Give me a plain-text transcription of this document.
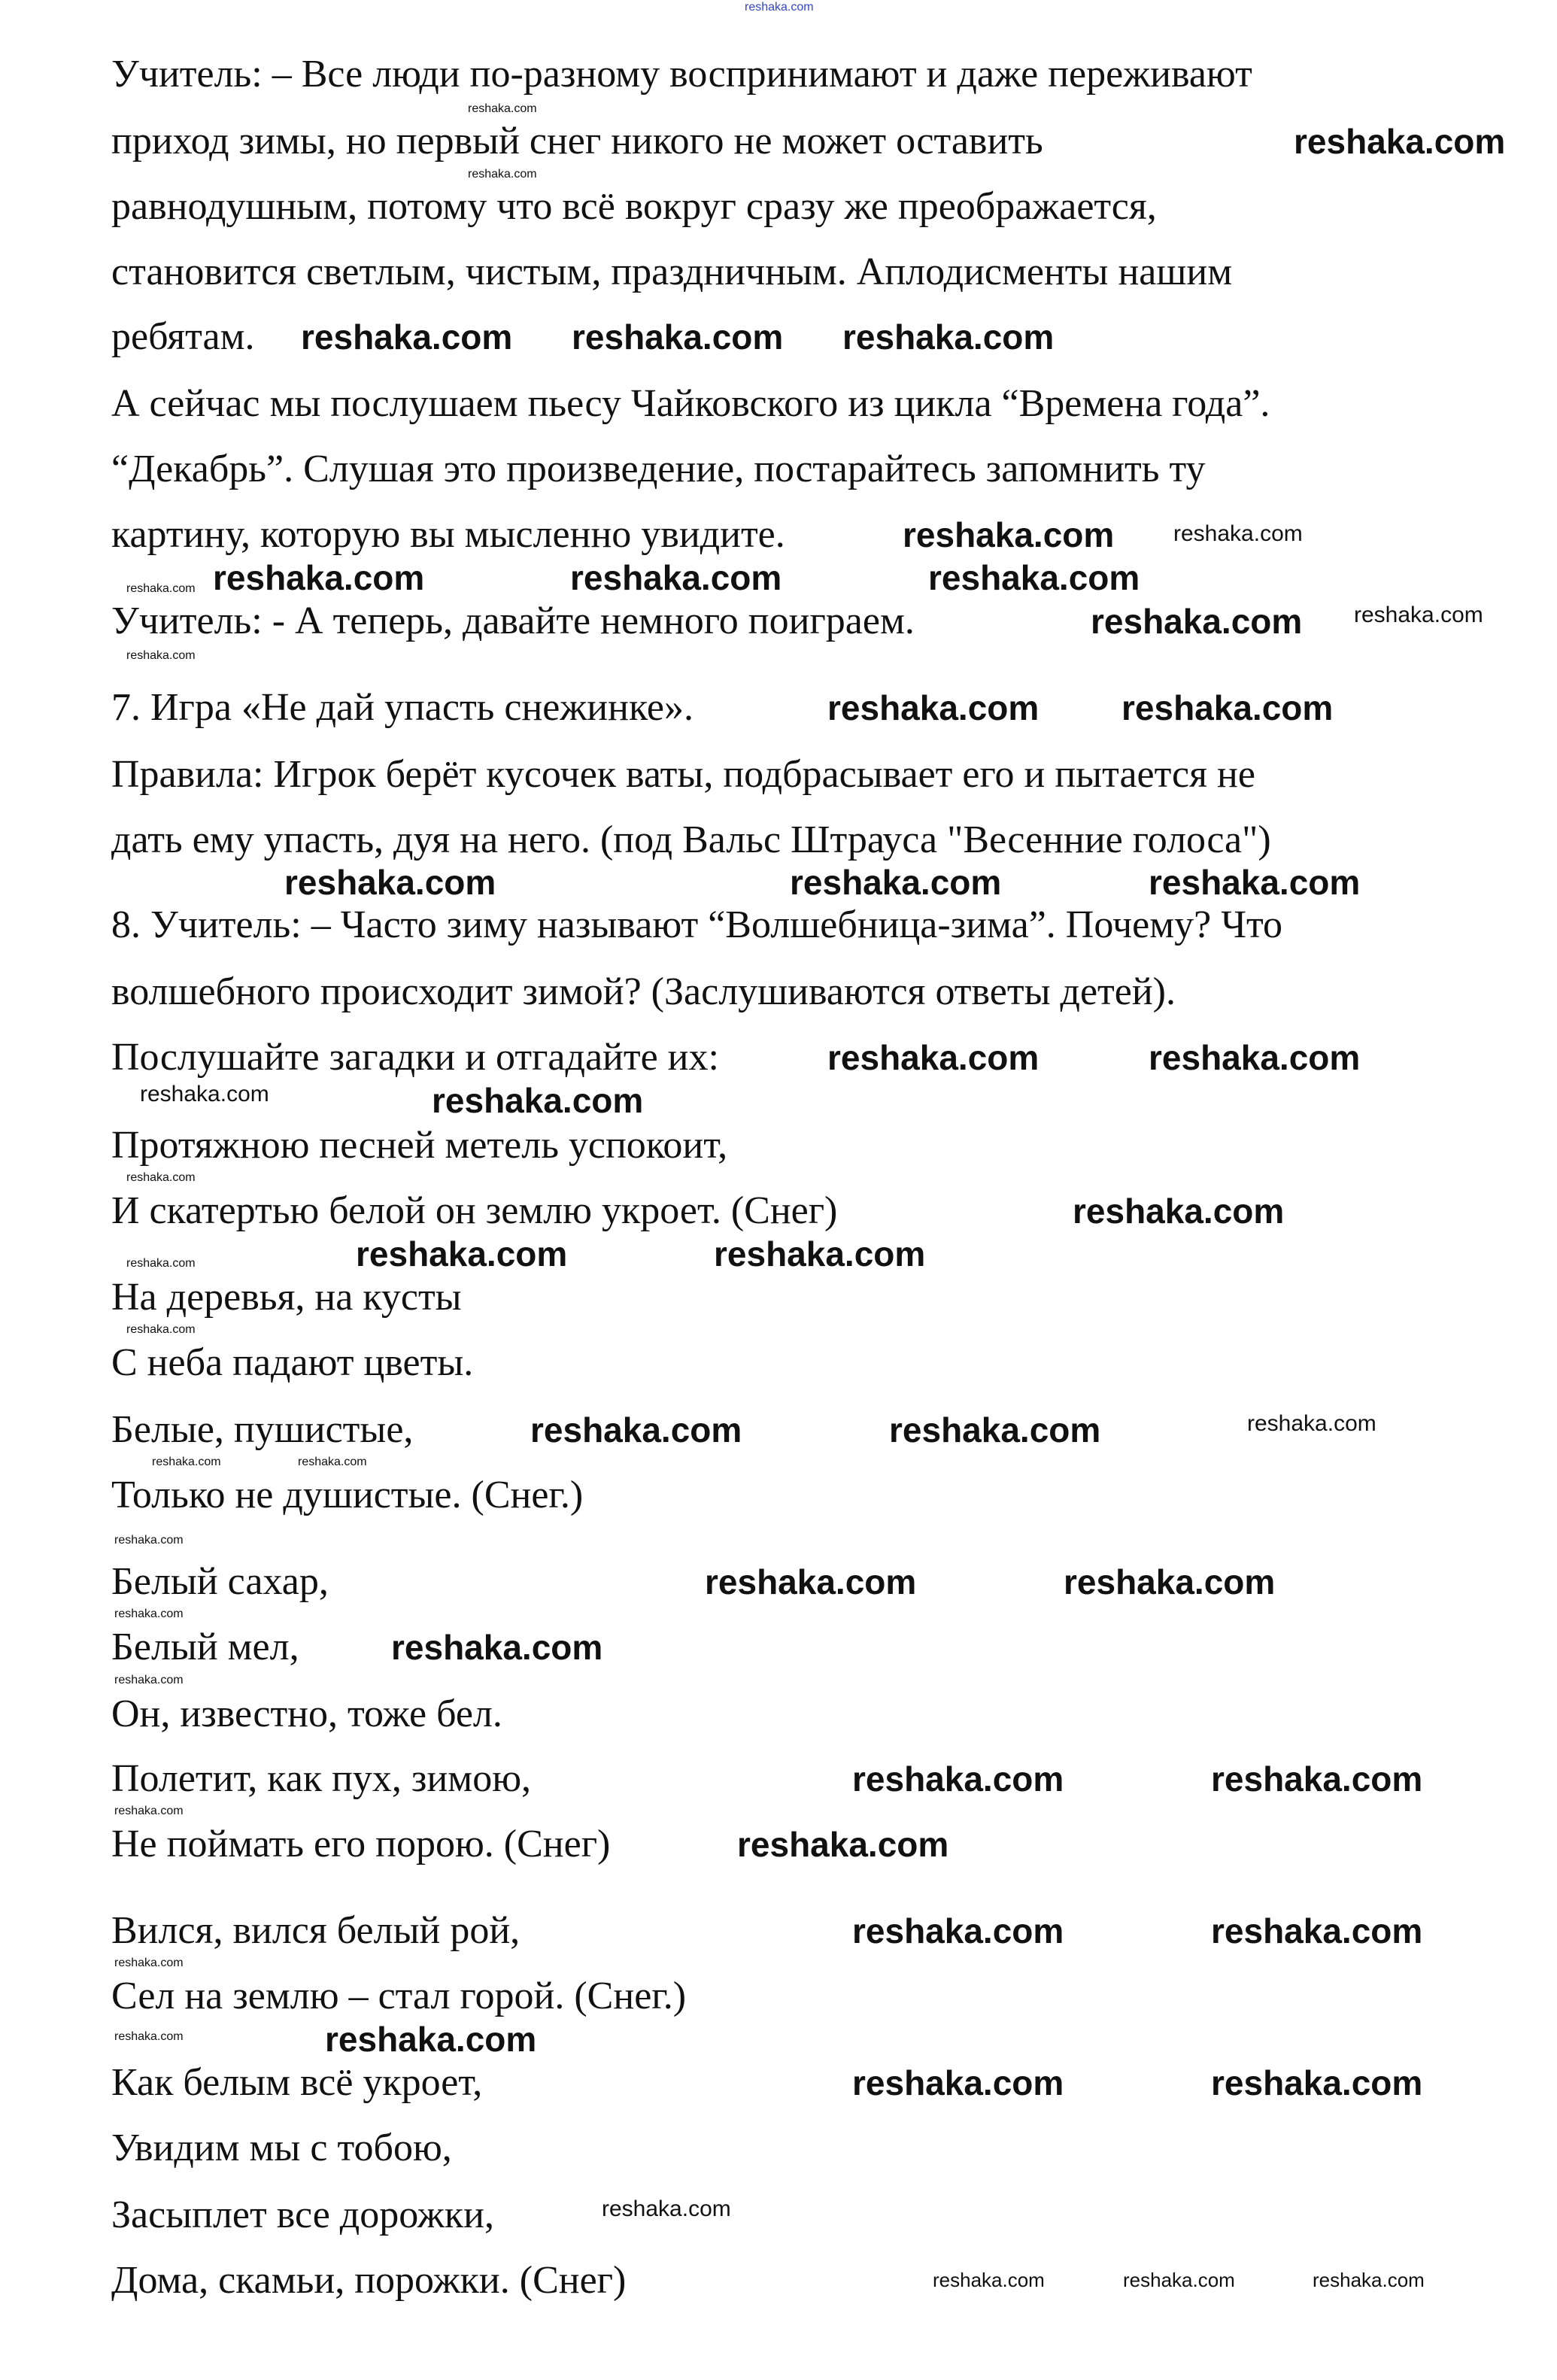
Учитель: – Все люди по-разному воспринимают и даже переживают
приход зимы, но первый снег никого не может оставить
равнодушным, потому что всё вокруг сразу же преображается,
становится светлым, чистым, праздничным. Аплодисменты нашим
ребятам.
А сейчас мы послушаем пьесу Чайковского из цикла “Времена года”.
“Декабрь”. Слушая это произведение, постарайтесь запомнить ту
картину, которую вы мысленно увидите.
Учитель: - А теперь, давайте немного поиграем.
7. Игра «Не дай упасть снежинке».
Правила: Игрок берёт кусочек ваты, подбрасывает его и пытается не
дать ему упасть, дуя на него. (под Вальс Штрауса "Весенние голоса")
8. Учитель: – Часто зиму называют “Волшебница-зима”. Почему? Что
волшебного происходит зимой? (Заслушиваются ответы детей).
Послушайте загадки и отгадайте их:
Протяжною песней метель успокоит,
И скатертью белой он землю укроет. (Снег)
На деревья, на кусты
С неба падают цветы.
Белые, пушистые,
Только не душистые. (Снег.)
Белый сахар,
Белый мел,
Он, известно, тоже бел.
Полетит, как пух, зимою,
Не поймать его порою. (Снег)
Вился, вился белый рой,
Сел на землю – стал горой. (Снег.)
Как белым всё укроет,
Увидим мы с тобою,
Засыплет все дорожки,
Дома, скамьи, порожки. (Снег)
reshaka.com
reshaka.com
reshaka.com reshaka.com reshaka.com
reshaka.com
reshaka.com	reshaka.com	reshaka.com
reshaka.com
reshaka.com reshaka.com
reshaka.com	reshaka.com	reshaka.com
reshaka.com	reshaka.com
reshaka.com
reshaka.com
reshaka.com	reshaka.com
reshaka.com	reshaka.com
reshaka.com	reshaka.com
reshaka.com
reshaka.com	reshaka.com
reshaka.com
reshaka.com	reshaka.com
reshaka.com
reshaka.com	reshaka.com
reshaka.com
reshaka.com
reshaka.com
reshaka.com
reshaka.com
reshaka.com	reshaka.com	reshaka.com
reshaka.com
reshaka.com
reshaka.com
reshaka.com
reshaka.com
reshaka.com
reshaka.com
reshaka.com	reshaka.com
reshaka.com
reshaka.com
reshaka.com
reshaka.com
reshaka.com
reshaka.com
